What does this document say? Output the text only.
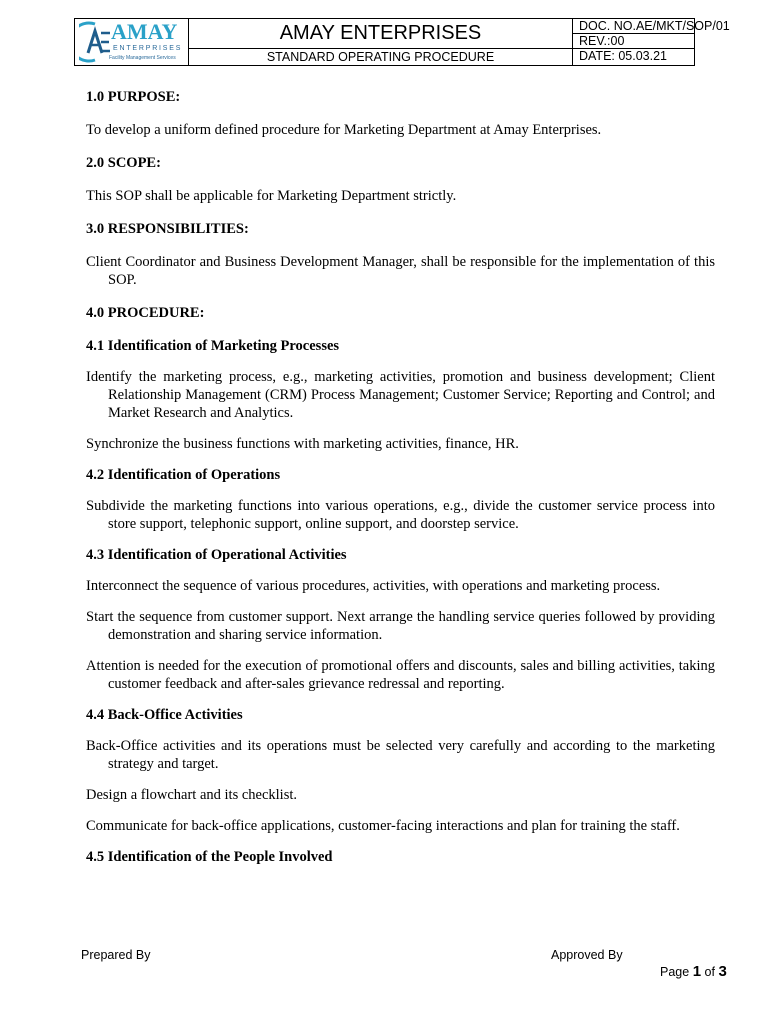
AMAY
ENTERPRISES
Facility Management Services
AMAY ENTERPRISES
STANDARD OPERATING PROCEDURE
DOC. NO.AE/MKT/SOP/01
REV.:00
DATE: 05.03.21

1.0 PURPOSE:

To develop a uniform defined procedure for Marketing Department at Amay Enterprises.

2.0 SCOPE:

This SOP shall be applicable for Marketing Department strictly.

3.0 RESPONSIBILITIES:

Client Coordinator and Business Development Manager, shall be responsible for the implementation of this SOP.

4.0 PROCEDURE:

4.1 Identification of Marketing Processes

Identify the marketing process, e.g., marketing activities, promotion and business development; Client Relationship Management (CRM) Process Management; Customer Service; Reporting and Control; and Market Research and Analytics.

Synchronize the business functions with marketing activities, finance, HR.

4.2 Identification of Operations

Subdivide the marketing functions into various operations, e.g., divide the customer service process into store support, telephonic support, online support, and doorstep service.

4.3 Identification of Operational Activities

Interconnect the sequence of various procedures, activities, with operations and marketing process.

Start the sequence from customer support. Next arrange the handling service queries followed by providing demonstration and sharing service information.

Attention is needed for the execution of promotional offers and discounts, sales and billing activities, taking customer feedback and after-sales grievance redressal and reporting.

4.4 Back-Office Activities

Back-Office activities and its operations must be selected very carefully and according to the marketing strategy and target.

Design a flowchart and its checklist.

Communicate for back-office applications, customer-facing interactions and plan for training the staff.

4.5 Identification of the People Involved

Prepared By	Approved By
Page 1 of 3
